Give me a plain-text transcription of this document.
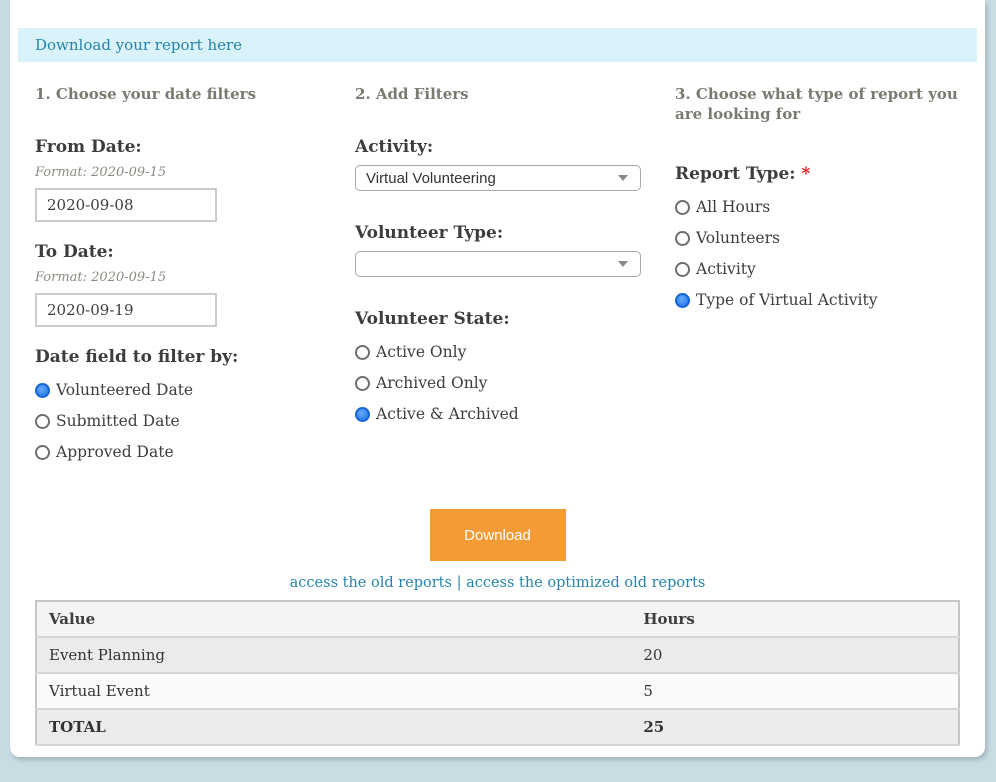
Download your report here
1. Choose your date filters
From Date:
Format: 2020-09-15
2020-09-08
To Date:
Format: 2020-09-15
2020-09-19
Date field to filter by:
Volunteered Date
Submitted Date
Approved Date
2. Add Filters
Activity:
Virtual Volunteering
Volunteer Type:
Volunteer State:
Active Only
Archived Only
Active & Archived
3. Choose what type of report you are looking for
Report Type: *
All Hours
Volunteers
Activity
Type of Virtual Activity
Download
access the old reports | access the optimized old reports
Value	Hours
Event Planning	20
Virtual Event	5
TOTAL	25
